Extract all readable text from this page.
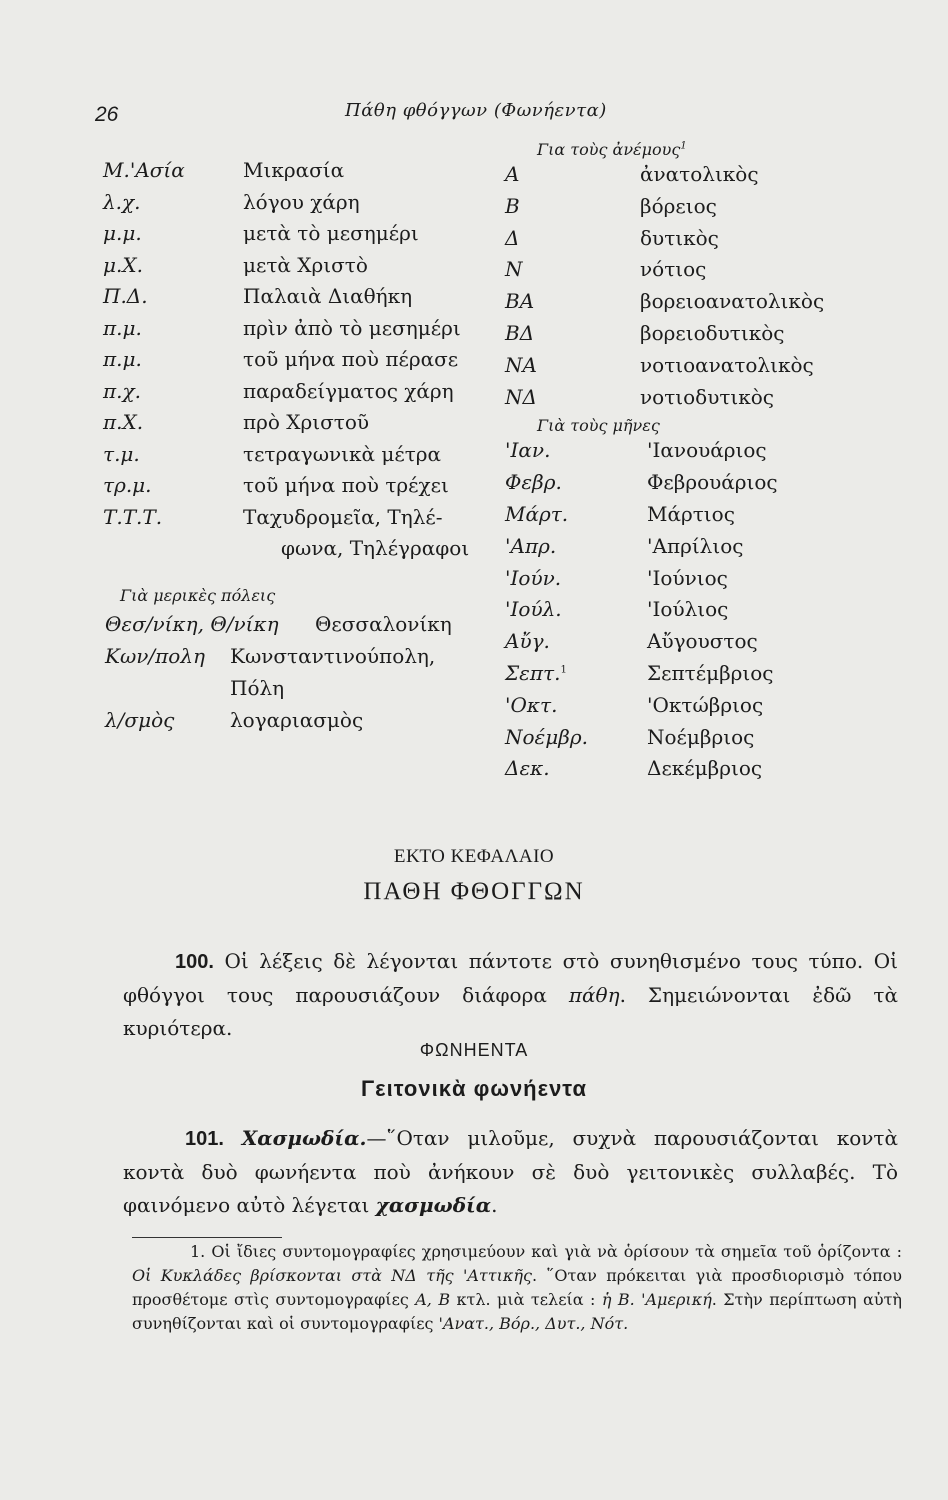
26	Πάθη φθόγγων (Φωνήεντα)
Μ.'Ασία	Μικρασία
λ.χ.	λόγου χάρη
μ.μ.	μετὰ τὸ μεσημέρι
μ.Χ.	μετὰ Χριστὸ
Π.Δ.	Παλαιὰ Διαθήκη
π.μ.	πρὶν ἀπὸ τὸ μεσημέρι
π.μ.	τοῦ μήνα ποὺ πέρασε
π.χ.	παραδείγματος χάρη
π.Χ.	πρὸ Χριστοῦ
τ.μ.	τετραγωνικὰ μέτρα
τρ.μ.	τοῦ μήνα ποὺ τρέχει
Τ.Τ.Τ.	Ταχυδρομεῖα, Τηλέ-
φωνα, Τηλέγραφοι
Γιὰ μερικὲς πόλεις
Θεσ/νίκη, Θ/νίκη Θεσσαλονίκη
Κων/πολη Κωνσταντινούπολη,
Πόλη
λ/σμὸς	λογαριασμὸς
Για τοὺς ἀνέμους$^1$
Α	ἀνατολικὸς
Β	βόρειος
Δ	δυτικὸς
Ν	νότιος
ΒΑ	βορειοανατολικὸς
ΒΔ	βορειοδυτικὸς
ΝΑ	νοτιοανατολικὸς
ΝΔ	νοτιοδυτικὸς
Γιὰ τοὺς μῆνες
'Ιαν.	'Ιανουάριος
Φεβρ.	Φεβρουάριος
Μάρτ.	Μάρτιος
'Απρ.	'Απρίλιος
'Ιούν.	'Ιούνιος
'Ιούλ.	'Ιούλιος
Αὔγ.	Αὔγουστος
Σεπτ.$^1$	Σεπτέμβριος
'Οκτ.	'Οκτώβριος
Νοέμβρ.	Νοέμβριος
Δεκ.	Δεκέμβριος
ΕΚΤΟ ΚΕΦΑΛΑΙΟ
ΠΑΘΗ ΦΘΟΓΓΩΝ
100. Οἱ λέξεις δὲ λέγονται πάντοτε στὸ συνηθισμένο τους τύπο. Οἱ φθόγγοι τους παρουσιάζουν διάφορα πάθη. Σημειώνονται ἐδῶ τὰ κυριότερα.
ΦΩΝΗΕΝΤΑ
Γειτονικὰ φωνήεντα
101. Χασμωδία.—῞Οταν μιλοῦμε, συχνὰ παρουσιάζονται κοντὰ κοντὰ δυὸ φωνήεντα ποὺ ἀνήκουν σὲ δυὸ γειτονικὲς συλλαβές. Τὸ φαινόμενο αὐτὸ λέγεται χασμωδία.
1. Οἱ ἴδιες συντομογραφίες χρησιμεύουν καὶ γιὰ νὰ ὁρίσουν τὰ σημεῖα τοῦ ὁρίζοντα : Οἱ Κυκλάδες βρίσκονται στὰ ΝΔ τῆς 'Αττικῆς. ῞Οταν πρόκειται γιὰ προσδιορισμὸ τόπου προσθέτομε στὶς συντομογραφίες Α, Β κτλ. μιὰ τελεία : ἡ Β. 'Αμερική. Στὴν περίπτωση αὐτὴ συνηθίζονται καὶ οἱ συντομογραφίες 'Ανατ., Βόρ., Δυτ., Νότ.
